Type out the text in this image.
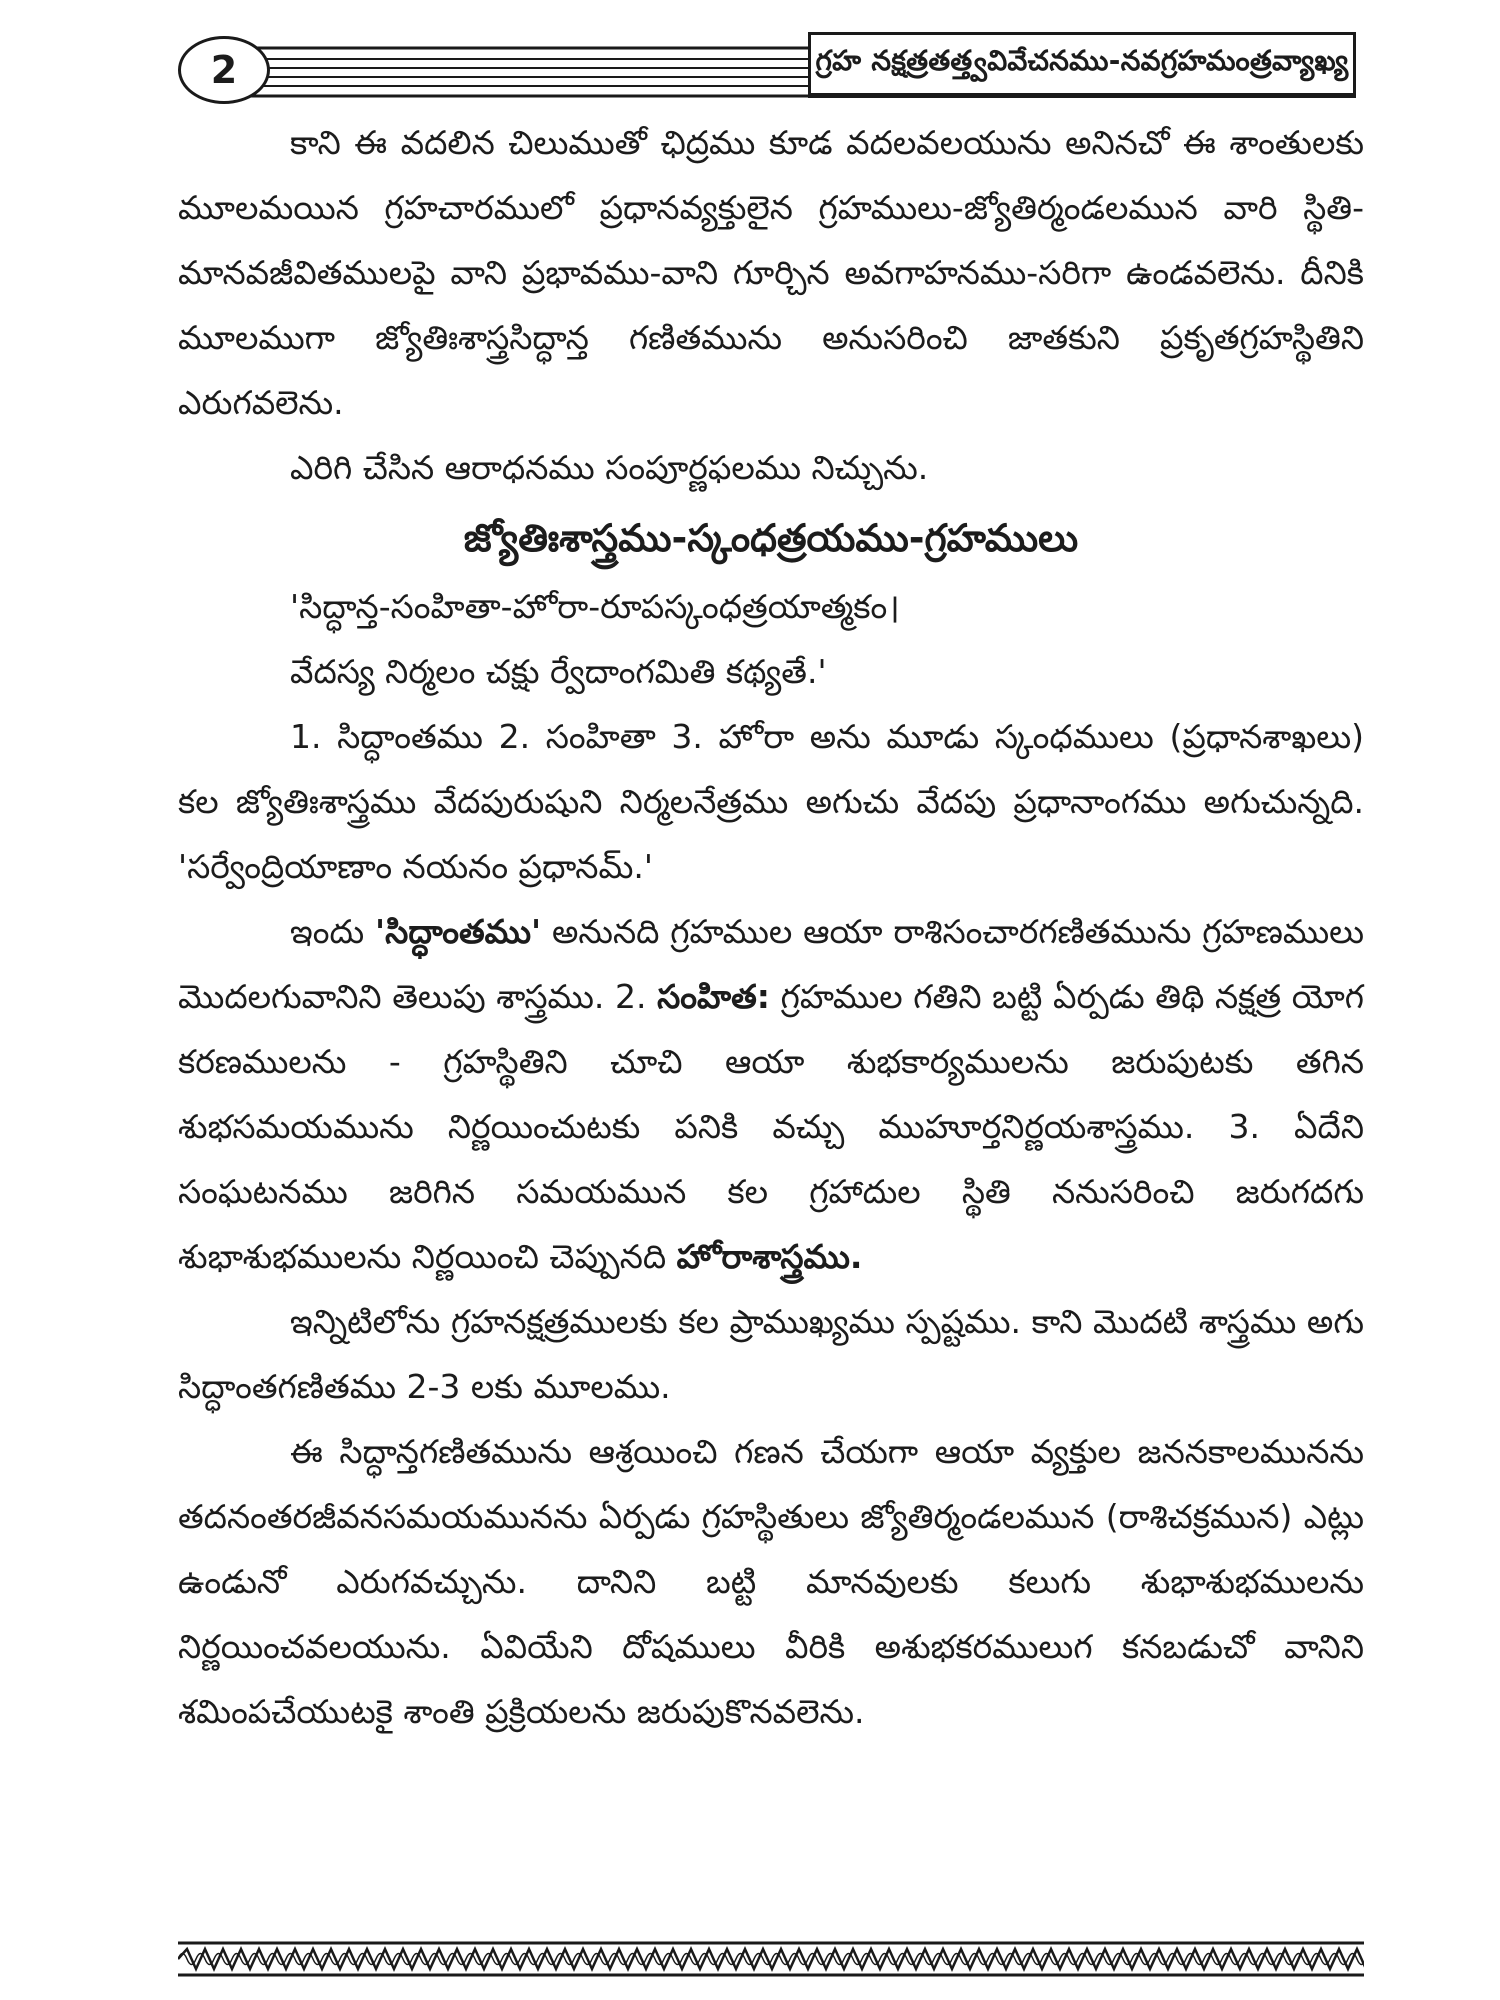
2	గ్రహ నక్షత్రతత్త్వవివేచనము-నవగ్రహమంత్రవ్యాఖ్య

కాని ఈ వదలిన చిలుముతో ఛిద్రము కూడ వదలవలయును అనినచో ఈ శాంతులకు మూలమయిన గ్రహచారములో ప్రధానవ్యక్తులైన గ్రహములు-జ్యోతిర్మండలమున వారి స్థితి-మానవజీవితములపై వాని ప్రభావము-వాని గూర్చిన అవగాహనము-సరిగా ఉండవలెను. దీనికి మూలముగా జ్యోతిఃశాస్త్రసిద్ధాన్త గణితమును అనుసరించి జాతకుని ప్రకృతగ్రహస్థితిని ఎరుగవలెను.

ఎరిగి చేసిన ఆరాధనము సంపూర్ణఫలము నిచ్చును.

జ్యోతిఃశాస్త్రము-స్కంధత్రయము-గ్రహములు

'సిద్ధాన్త-సంహితా-హోరా-రూపస్కంధత్రయాత్మకం।

వేదస్య నిర్మలం చక్షు ర్వేదాంగమితి కథ్యతే.'

1. సిద్ధాంతము 2. సంహితా 3. హోరా అను మూడు స్కంధములు (ప్రధానశాఖలు) కల జ్యోతిఃశాస్త్రము వేదపురుషుని నిర్మలనేత్రము అగుచు వేదపు ప్రధానాంగము అగుచున్నది. 'సర్వేంద్రియాణాం నయనం ప్రధానమ్.'

ఇందు 'సిద్ధాంతము' అనునది గ్రహముల ఆయా రాశిసంచారగణితమును గ్రహణములు మొదలగువానిని తెలుపు శాస్త్రము. 2. సంహిత: గ్రహముల గతిని బట్టి ఏర్పడు తిథి నక్షత్ర యోగ కరణములను - గ్రహస్థితిని చూచి ఆయా శుభకార్యములను జరుపుటకు తగిన శుభసమయమును నిర్ణయించుటకు పనికి వచ్చు ముహూర్తనిర్ణయశాస్త్రము. 3. ఏదేని సంఘటనము జరిగిన సమయమున కల గ్రహాదుల స్థితి ననుసరించి జరుగదగు శుభాశుభములను నిర్ణయించి చెప్పునది హోరాశాస్త్రము.

ఇన్నిటిలోను గ్రహనక్షత్రములకు కల ప్రాముఖ్యము స్పష్టము. కాని మొదటి శాస్త్రము అగు సిద్ధాంతగణితము 2-3 లకు మూలము.

ఈ సిద్ధాన్తగణితమును ఆశ్రయించి గణన చేయగా ఆయా వ్యక్తుల జననకాలమునను తదనంతరజీవనసమయమునను ఏర్పడు గ్రహస్థితులు జ్యోతిర్మండలమున (రాశిచక్రమున) ఎట్లు ఉండునో ఎరుగవచ్చును. దానిని బట్టి మానవులకు కలుగు శుభాశుభములను నిర్ణయించవలయును. ఏవియేని దోషములు వీరికి అశుభకరములుగ కనబడుచో వానిని శమింపచేయుటకై శాంతి ప్రక్రియలను జరుపుకొనవలెను.
